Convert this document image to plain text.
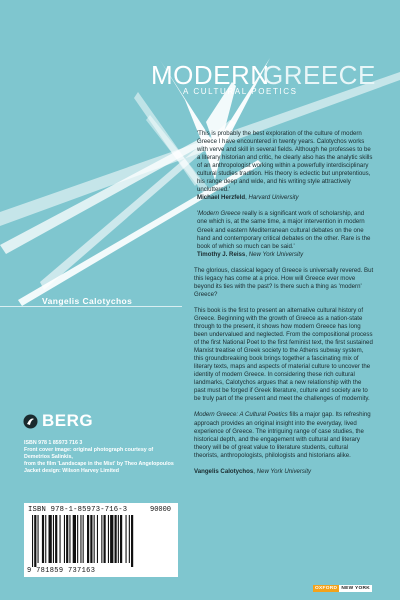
MODERN
GREECE
A CULTURAL POETICS
Vangelis Calotychos

'This is probably the best exploration of the culture of modern Greece I have encountered in twenty years. Calotychos works with verve and skill in several fields. Although he professes to be a literary historian and critic, he clearly also has the analytic skills of an anthropologist working within a powerfully interdisciplinary cultural studies tradition. His theory is eclectic but unpretentious, his range deep and wide, and his writing style attractively uncluttered.'
Michael Herzfeld, Harvard University

'Modern Greece really is a significant work of scholarship, and one which is, at the same time, a major intervention in modern Greek and eastern Mediterranean cultural debates on the one hand and contemporary critical debates on the other. Rare is the book of which so much can be said.'
Timothy J. Reiss, New York University

The glorious, classical legacy of Greece is universally revered. But this legacy has come at a price. How will Greece ever move beyond its ties with the past? Is there such a thing as 'modern' Greece?

This book is the first to present an alternative cultural history of Greece. Beginning with the growth of Greece as a nation-state through to the present, it shows how modern Greece has long been undervalued and neglected. From the compositional process of the first National Poet to the first feminist text, the first sustained Marxist treatise of Greek society to the Athens subway system, this groundbreaking book brings together a fascinating mix of literary texts, maps and aspects of material culture to uncover the identity of modern Greece. In considering these rich cultural landmarks, Calotychos argues that a new relationship with the past must be forged if Greek literature, culture and society are to be truly part of the present and meet the challenges of modernity.

Modern Greece: A Cultural Poetics fills a major gap. Its refreshing approach provides an original insight into the everyday, lived experience of Greece. The intriguing range of case studies, the historical depth, and the engagement with cultural and literary theory will be of great value to literature students, cultural theorists, anthropologists, philologists and historians alike.

Vangelis Calotychos, New York University

BERG
ISBN 978 1 85973 716 3
Front cover image: original photograph courtesy of Demetrios Salinkis,
from the film 'Landscape in the Mist' by Theo Angelopoulos
Jacket design: Wilson Harvey Limited
ISBN 978-1-85973-716-3
9 781859 737163
90000
OXFORD NEW YORK
